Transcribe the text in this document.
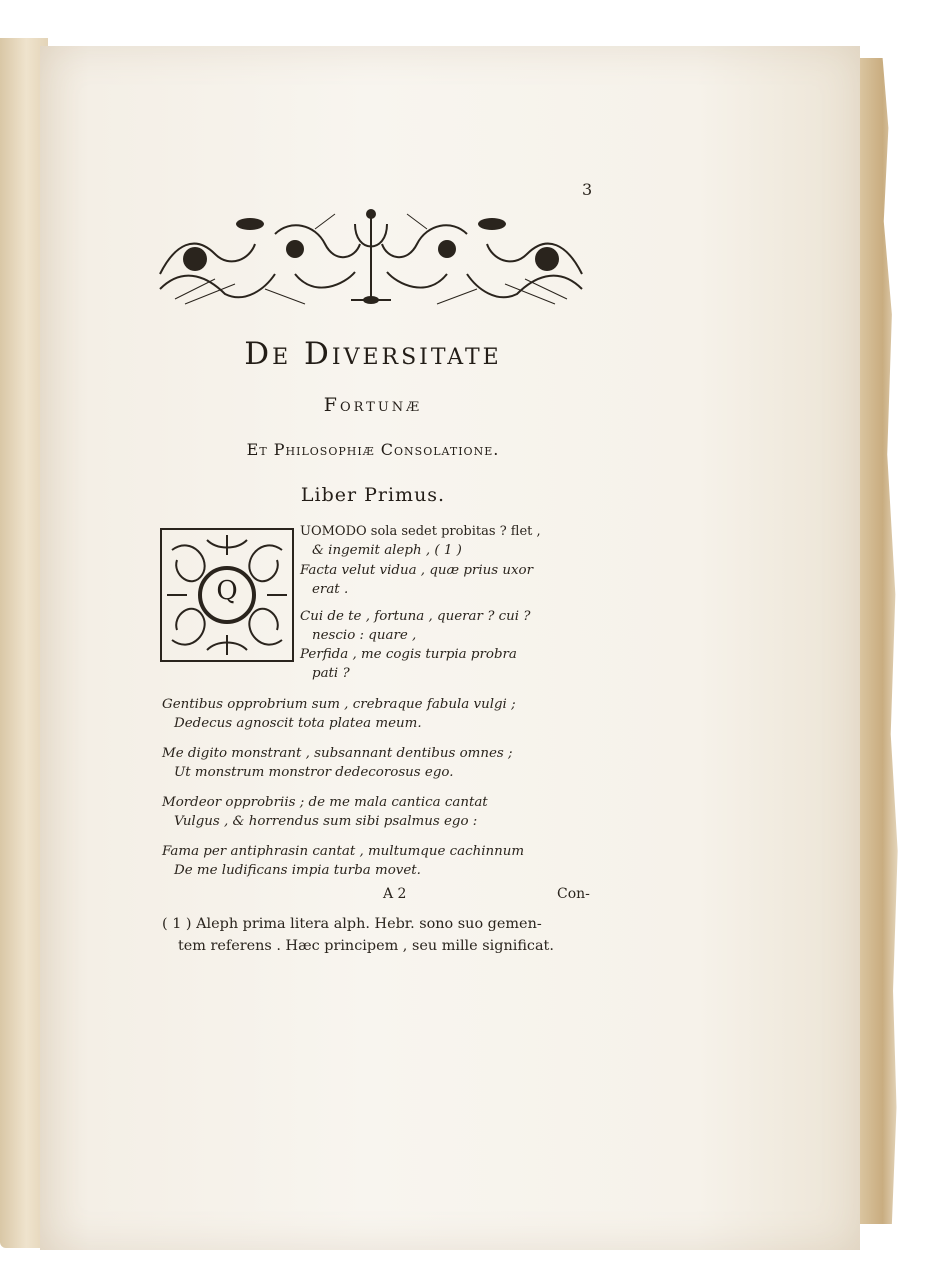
3
De Diversitate
Fortunæ
Et Philosophiæ Consolatione.
Liber Primus.
Q
UOMODO sola sedet probitas ? flet ,
& ingemit aleph , ( 1 )
Facta velut vidua , quæ prius uxor
erat .
Cui de te , fortuna , querar ? cui ?
nescio : quare ,
Perfida , me cogis turpia probra
pati ?
Gentibus opprobrium sum , crebraque fabula vulgi ;
Dedecus agnoscit tota platea meum.
Me digito monstrant , subsannant dentibus omnes ;
Ut monstrum monstror dedecorosus ego.
Mordeor opprobriis ; de me mala cantica cantat
Vulgus , & horrendus sum sibi psalmus ego :
Fama per antiphrasin cantat , multumque cachinnum
De me ludificans impia turba movet.
A 2	Con-
( 1 ) Aleph prima litera alph. Hebr. sono suo gemen-
tem referens . Hæc principem , seu mille significat.
